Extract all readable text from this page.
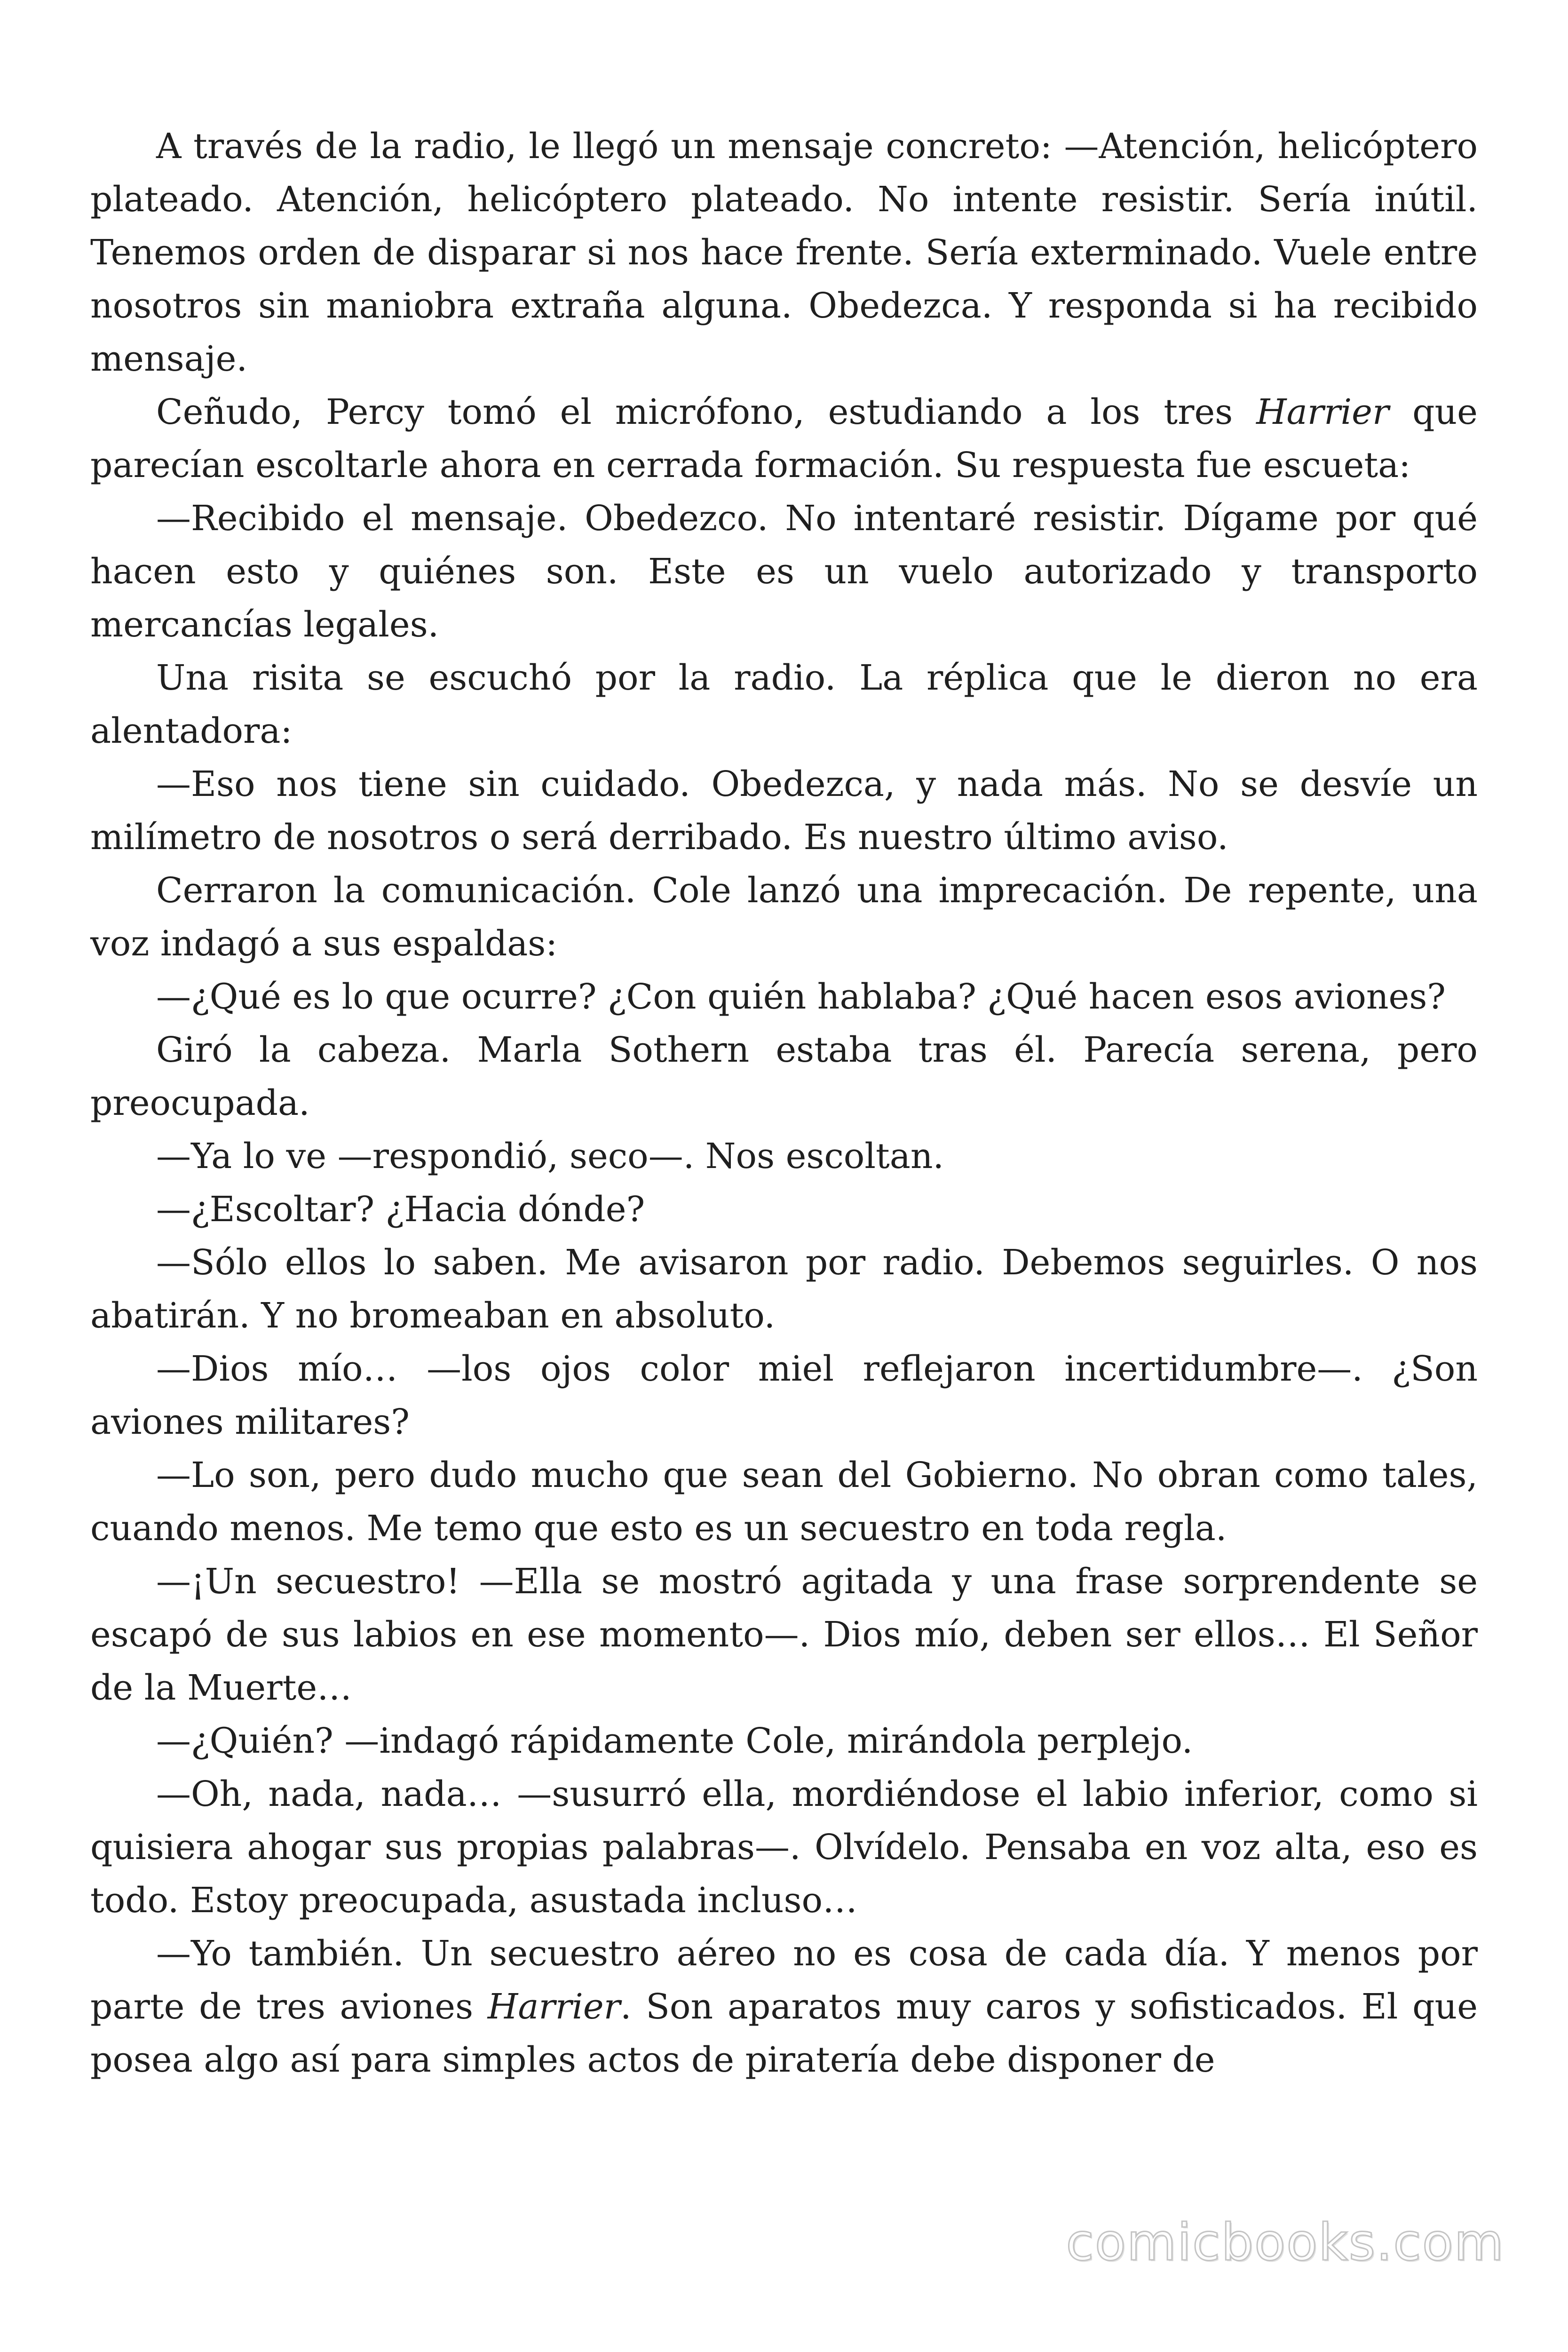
A través de la radio, le llegó un mensaje concreto: —Atención, helicóptero plateado. Atención, helicóptero plateado. No intente resistir. Sería inútil. Tenemos orden de disparar si nos hace frente. Sería exterminado. Vuele entre nosotros sin maniobra extraña alguna. Obedezca. Y responda si ha recibido mensaje.

Ceñudo, Percy tomó el micrófono, estudiando a los tres Harrier que parecían escoltarle ahora en cerrada formación. Su respuesta fue escueta:

—Recibido el mensaje. Obedezco. No intentaré resistir. Dígame por qué hacen esto y quiénes son. Este es un vuelo autorizado y transporto mercancías legales.

Una risita se escuchó por la radio. La réplica que le dieron no era alentadora:

—Eso nos tiene sin cuidado. Obedezca, y nada más. No se desvíe un milímetro de nosotros o será derribado. Es nuestro último aviso.

Cerraron la comunicación. Cole lanzó una imprecación. De repente, una voz indagó a sus espaldas:

—¿Qué es lo que ocurre? ¿Con quién hablaba? ¿Qué hacen esos aviones?

Giró la cabeza. Marla Sothern estaba tras él. Parecía serena, pero preocupada.

—Ya lo ve —respondió, seco—. Nos escoltan.

—¿Escoltar? ¿Hacia dónde?

—Sólo ellos lo saben. Me avisaron por radio. Debemos seguirles. O nos abatirán. Y no bromeaban en absoluto.

—Dios mío… —los ojos color miel reflejaron incertidumbre—. ¿Son aviones militares?

—Lo son, pero dudo mucho que sean del Gobierno. No obran como tales, cuando menos. Me temo que esto es un secuestro en toda regla.

—¡Un secuestro! —Ella se mostró agitada y una frase sorprendente se escapó de sus labios en ese momento—. Dios mío, deben ser ellos… El Señor de la Muerte…

—¿Quién? —indagó rápidamente Cole, mirándola perplejo.

—Oh, nada, nada… —susurró ella, mordiéndose el labio inferior, como si quisiera ahogar sus propias palabras—. Olvídelo. Pensaba en voz alta, eso es todo. Estoy preocupada, asustada incluso…

—Yo también. Un secuestro aéreo no es cosa de cada día. Y menos por parte de tres aviones Harrier. Son aparatos muy caros y sofisticados. El que posea algo así para simples actos de piratería debe disponer de

comicbooks.com
